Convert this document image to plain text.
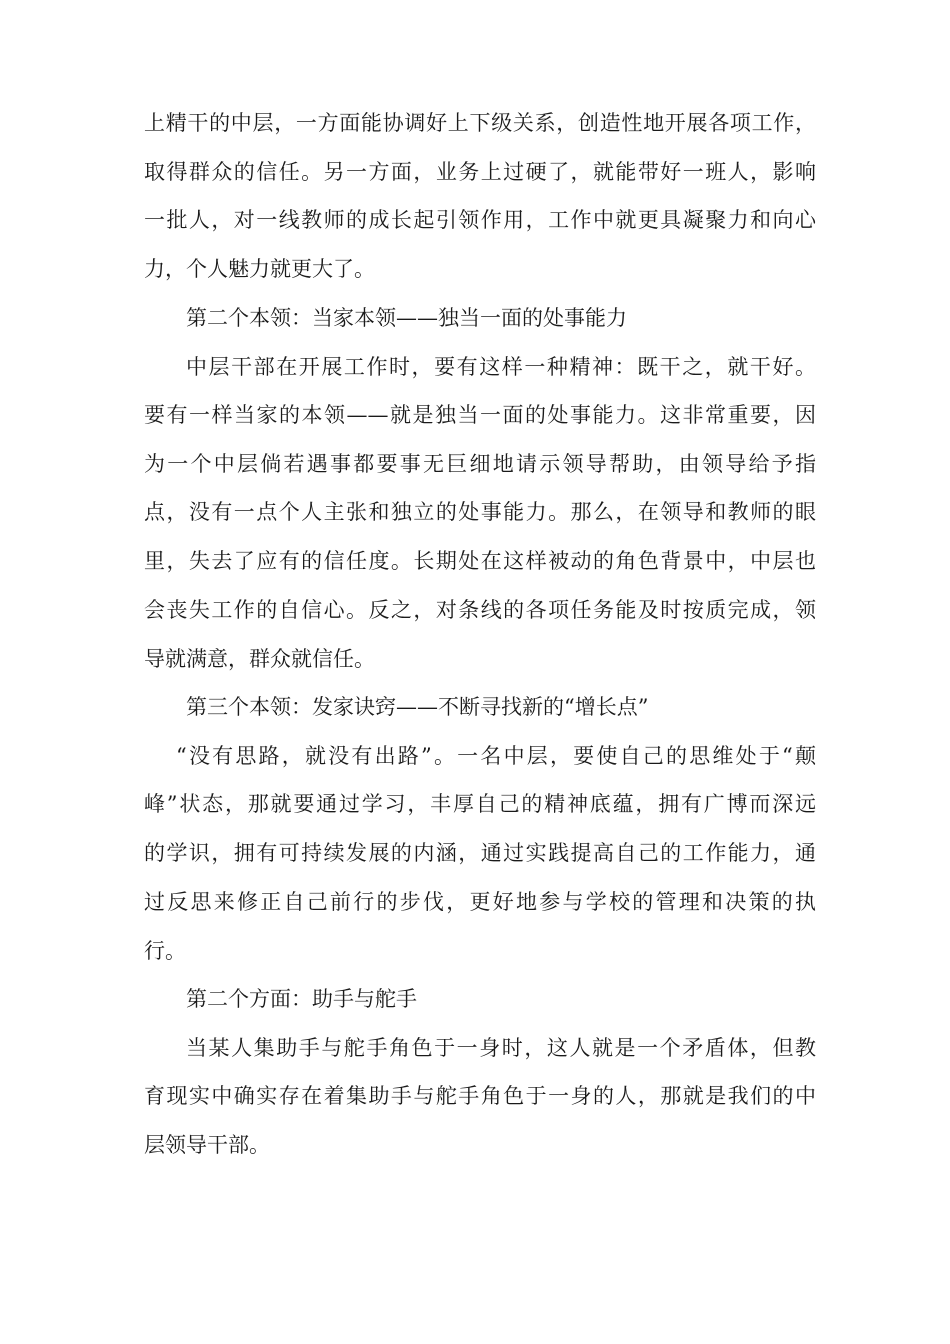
上精干的中层，一方面能协调好上下级关系，创造性地开展各项工作，
取得群众的信任。另一方面，业务上过硬了，就能带好一班人，影响
一批人，对一线教师的成长起引领作用，工作中就更具凝聚力和向心
力，个人魅力就更大了。
第二个本领：当家本领——独当一面的处事能力
中层干部在开展工作时，要有这样一种精神：既干之，就干好。
要有一样当家的本领——就是独当一面的处事能力。这非常重要，因
为一个中层倘若遇事都要事无巨细地请示领导帮助，由领导给予指
点，没有一点个人主张和独立的处事能力。那么，在领导和教师的眼
里，失去了应有的信任度。长期处在这样被动的角色背景中，中层也
会丧失工作的自信心。反之，对条线的各项任务能及时按质完成，领
导就满意，群众就信任。
第三个本领：发家诀窍——不断寻找新的“增长点”
“没有思路，就没有出路”。一名中层，要使自己的思维处于“颠
峰”状态，那就要通过学习，丰厚自己的精神底蕴，拥有广博而深远
的学识，拥有可持续发展的内涵，通过实践提高自己的工作能力，通
过反思来修正自己前行的步伐，更好地参与学校的管理和决策的执
行。
第二个方面：助手与舵手
当某人集助手与舵手角色于一身时，这人就是一个矛盾体，但教
育现实中确实存在着集助手与舵手角色于一身的人，那就是我们的中
层领导干部。
